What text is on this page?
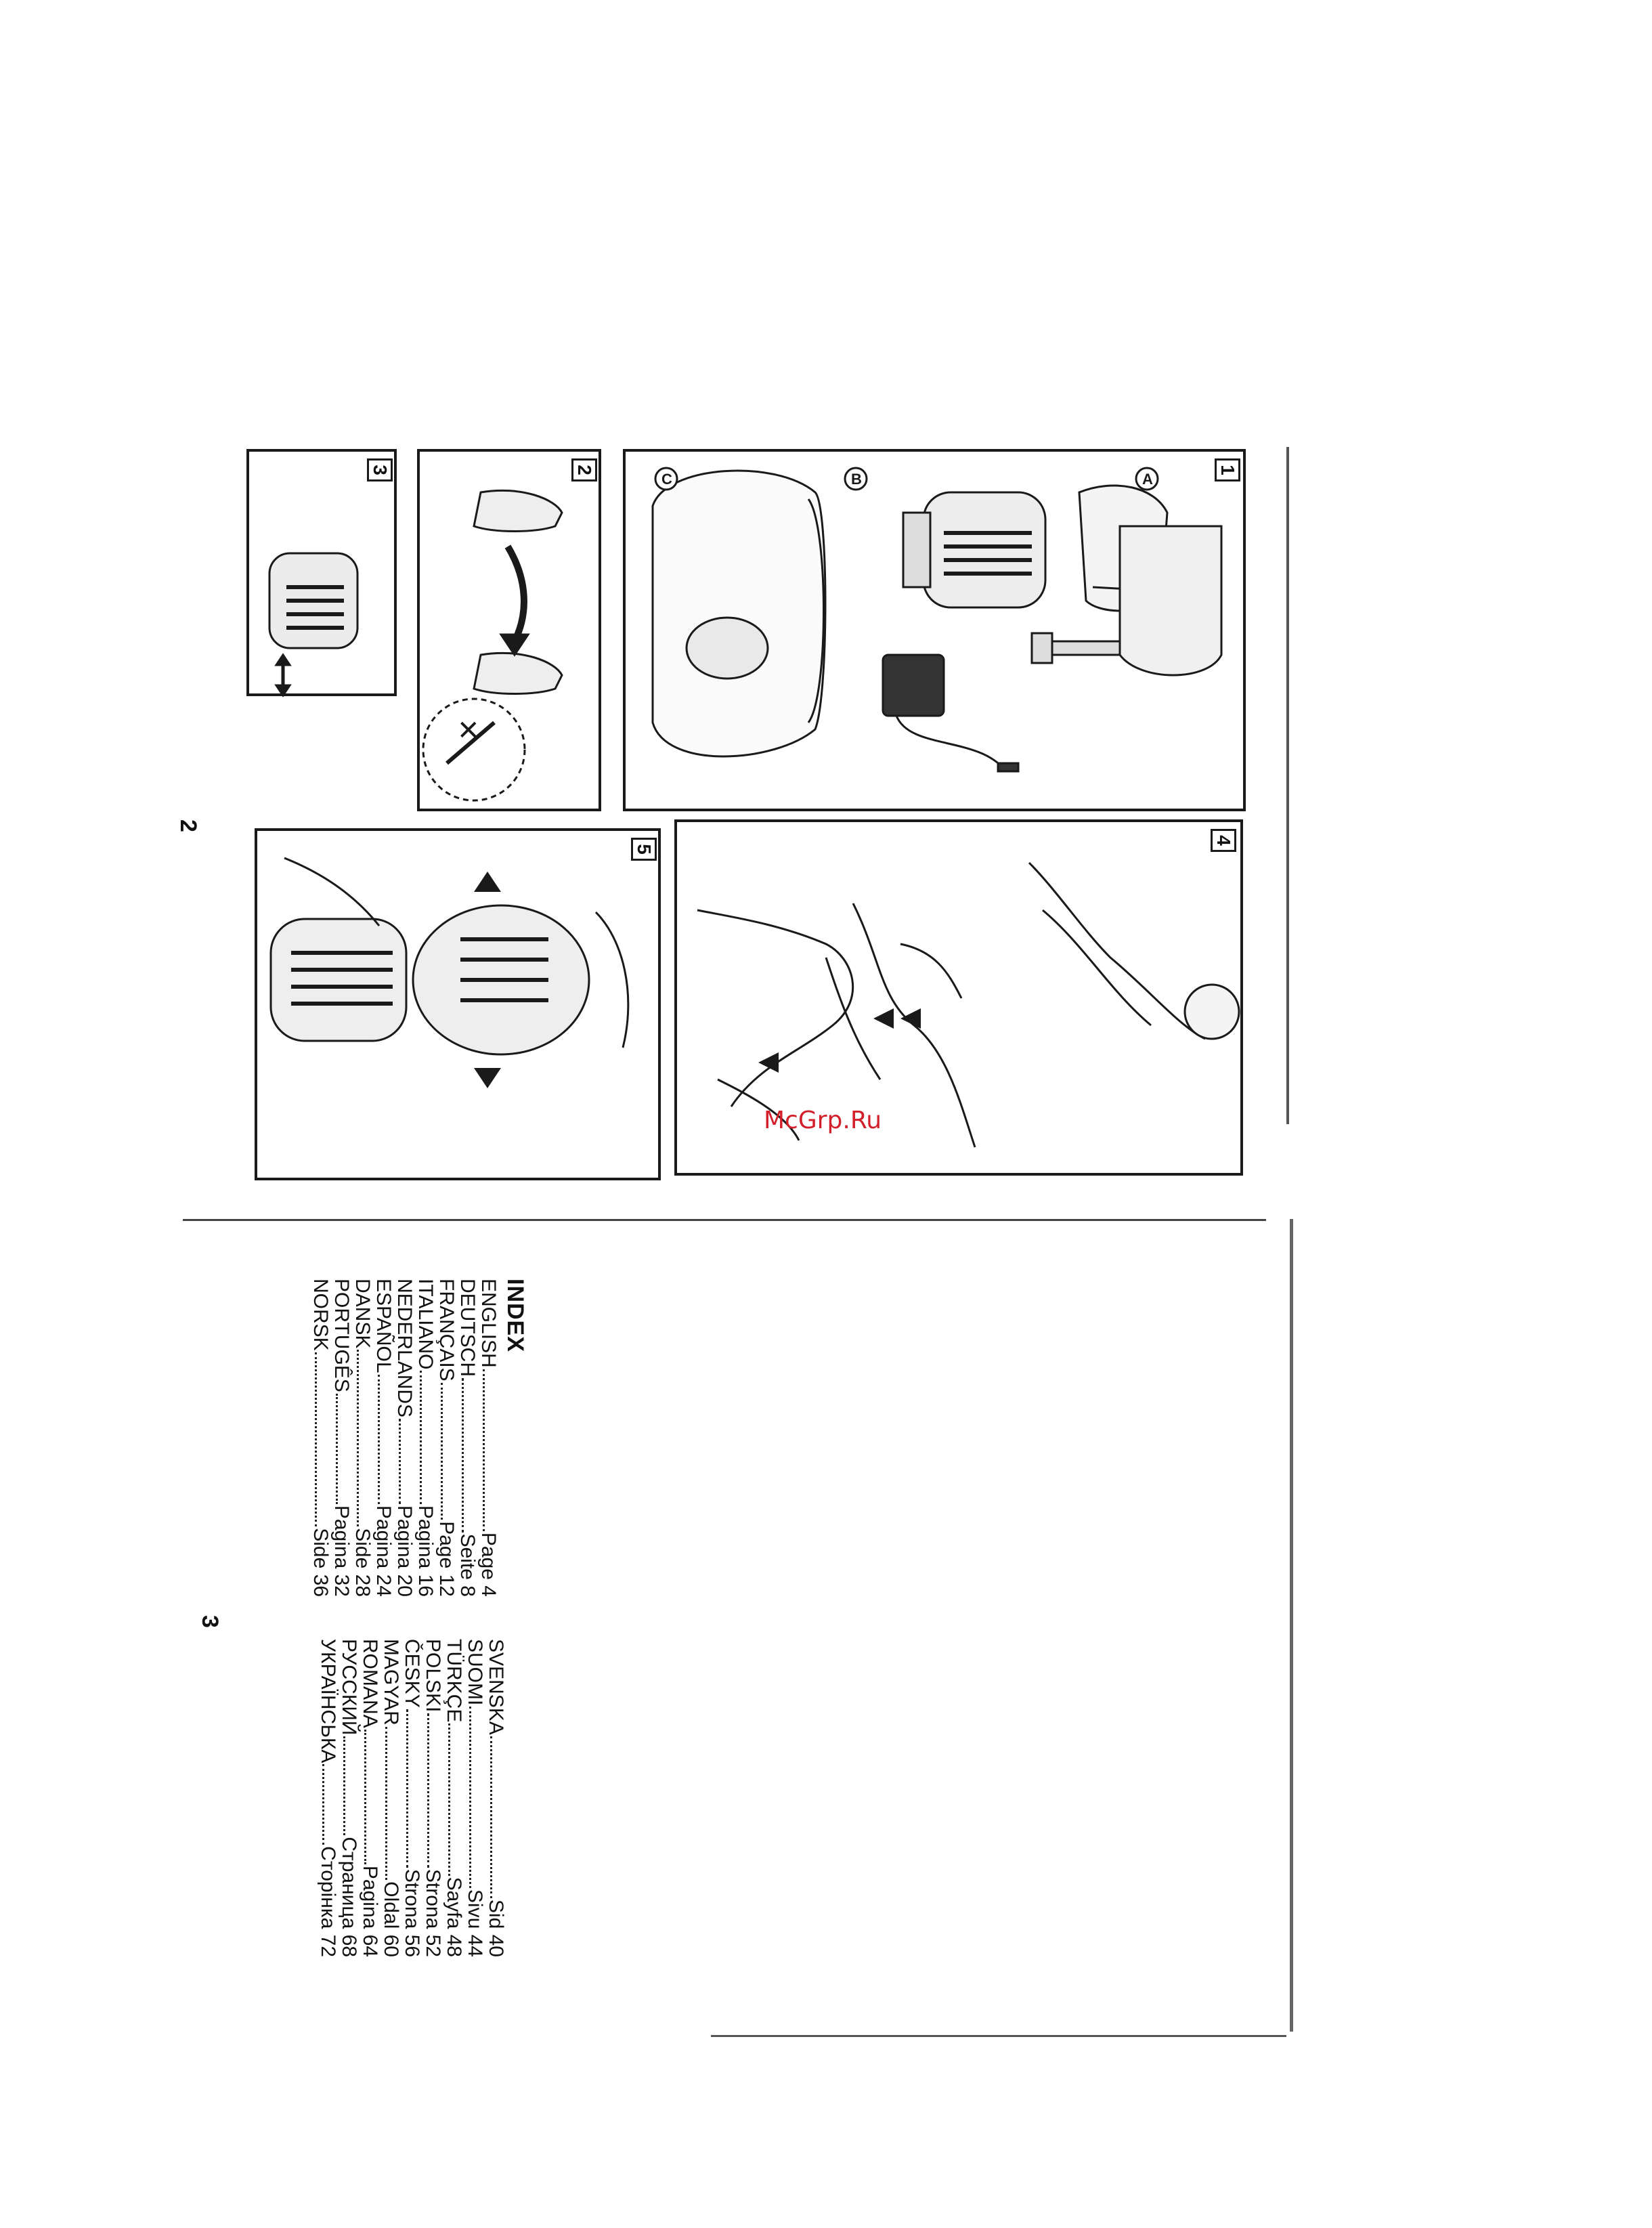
1
C	B	A
2
✕
3
4
5
2
McGrp.Ru
INDEX
ENGLISH
Page 4
DEUTSCH
Seite 8
FRANÇAIS
Page 12
ITALIANO
Pagina 16
NEDERLANDS
Pagina 20
ESPAÑOL
Pagina 24
DANSK
Side 28
PORTUGÊS
Pagina 32
NORSK
Side 36
SVENSKA
Sid 40
SUOMI
Sivu 44
TÜRKÇE
Sayfa 48
POLSKI
Strona 52
ČESKY
Strona 56
MAGYAR
Oldal 60
ROMANA
Pagina 64
РУССКИЙ
Страница 68
УКРАЇНСЬКА
Сторінка 72
3
